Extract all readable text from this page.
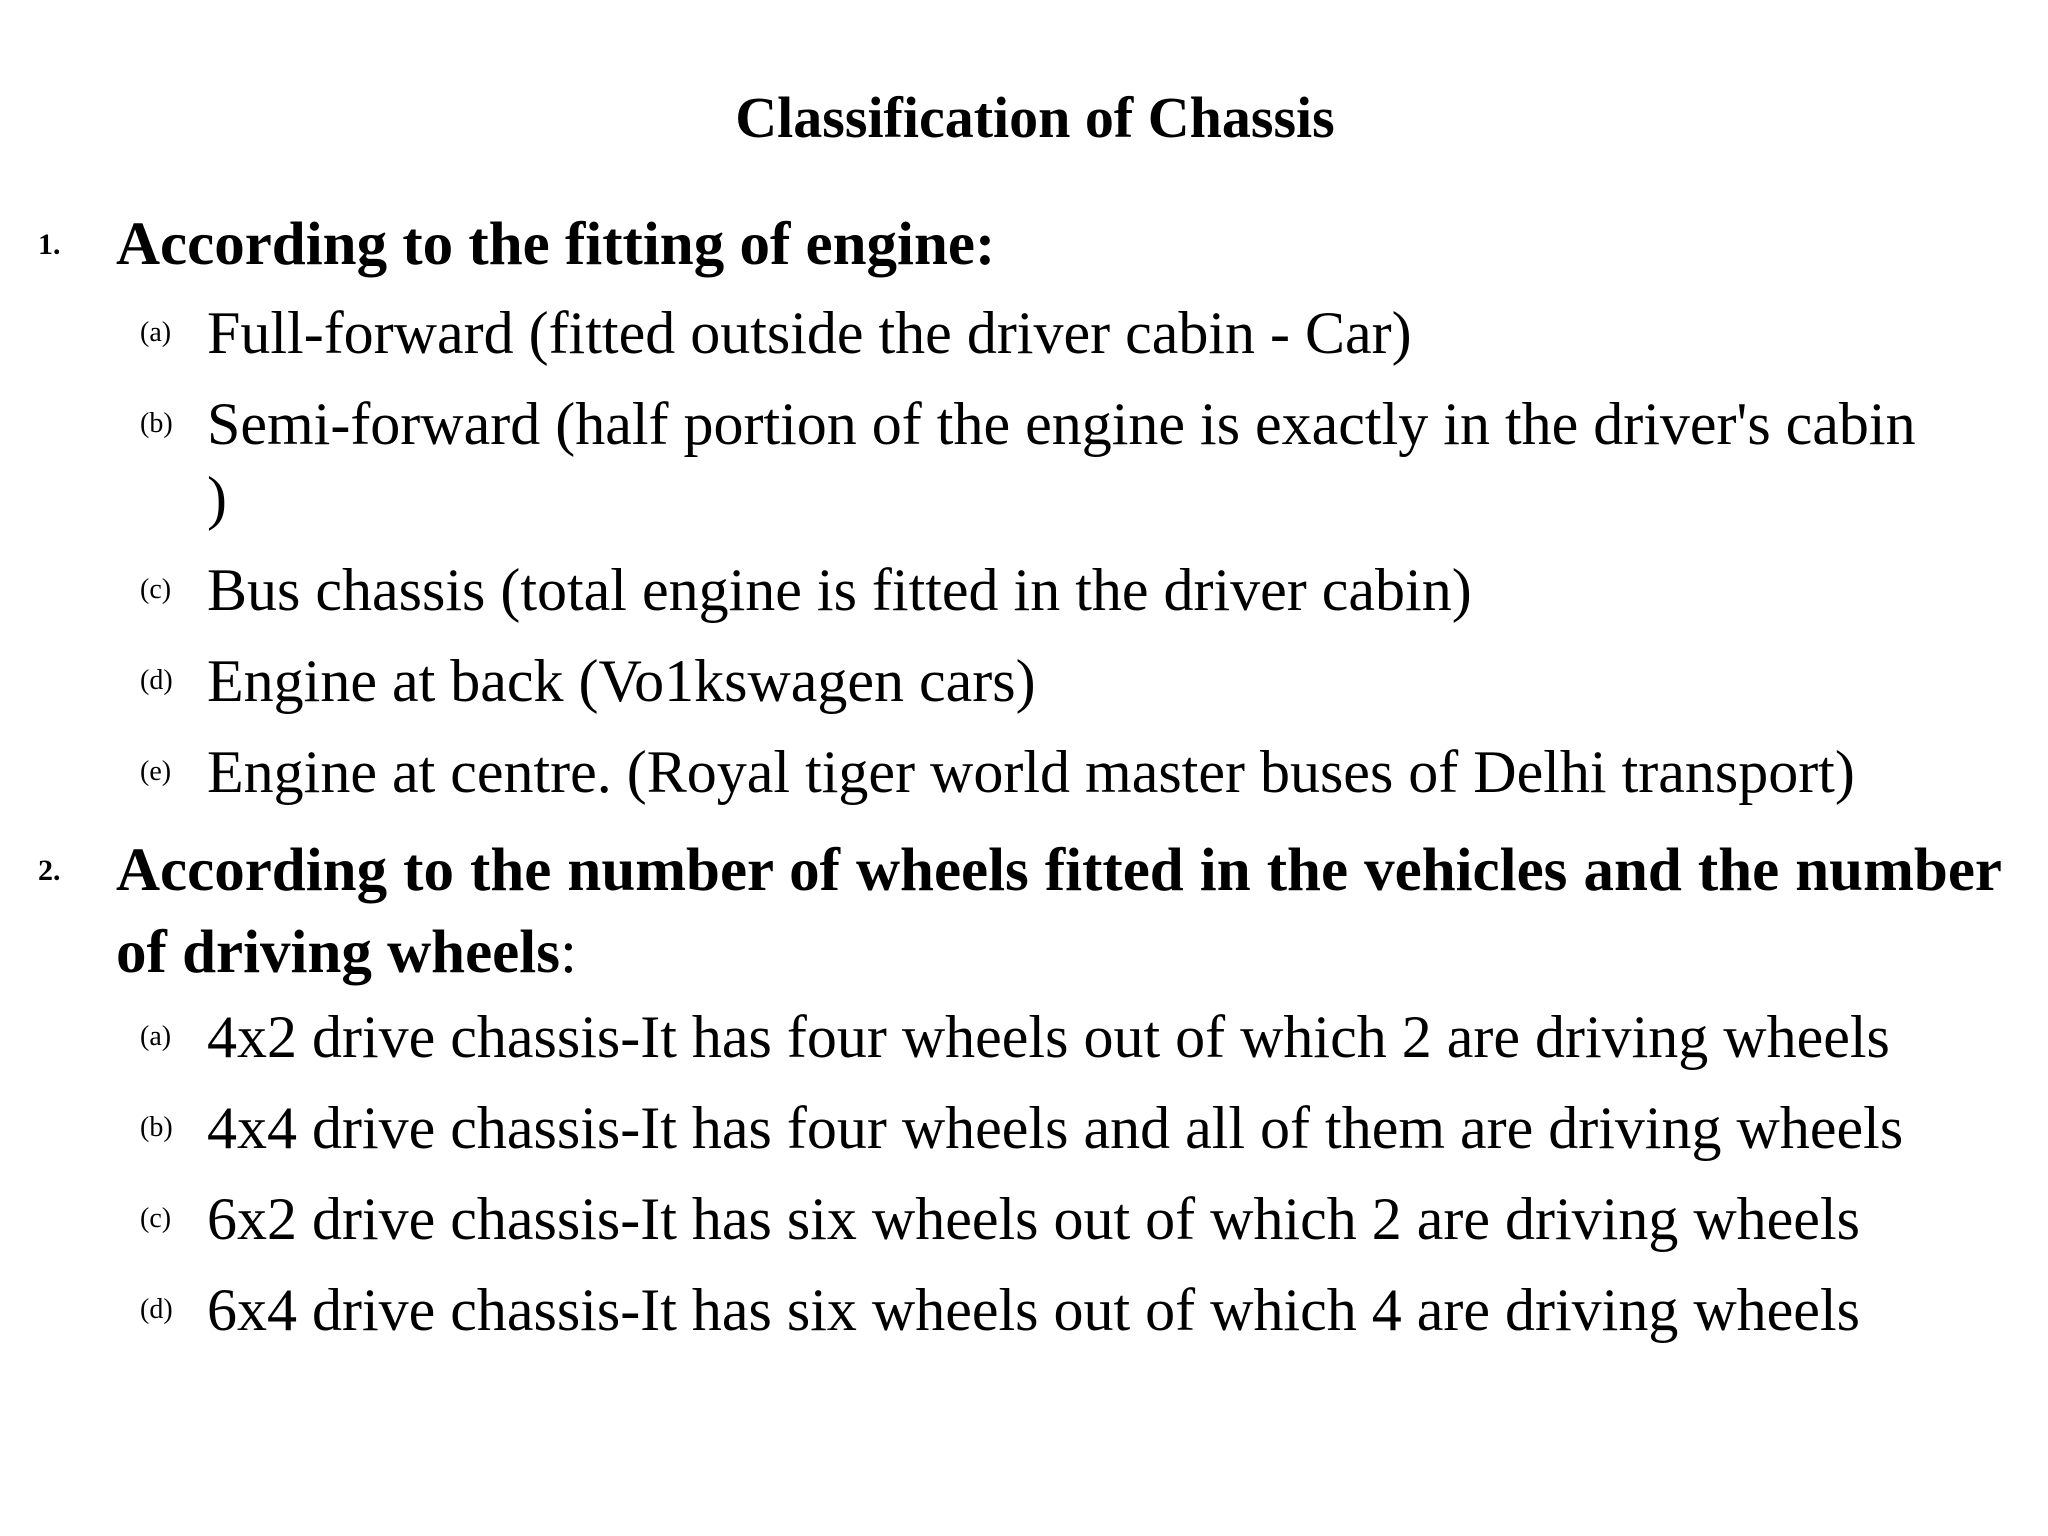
Classification of Chassis
1. According to the fitting of engine:
(a) Full-forward (fitted outside the driver cabin - Car)
(b) Semi-forward (half portion of the engine is exactly in the driver's cabin )
(c) Bus chassis (total engine is fitted in the driver cabin)
(d) Engine at back (Vo1kswagen cars)
(e) Engine at centre. (Royal tiger world master buses of Delhi transport)
2. According to the number of wheels fitted in the vehicles and the number of driving wheels:
(a) 4x2 drive chassis-It has four wheels out of which 2 are driving wheels
(b) 4x4 drive chassis-It has four wheels and all of them are driving wheels
(c) 6x2 drive chassis-It has six wheels out of which 2 are driving wheels
(d) 6x4 drive chassis-It has six wheels out of which 4 are driving wheels
